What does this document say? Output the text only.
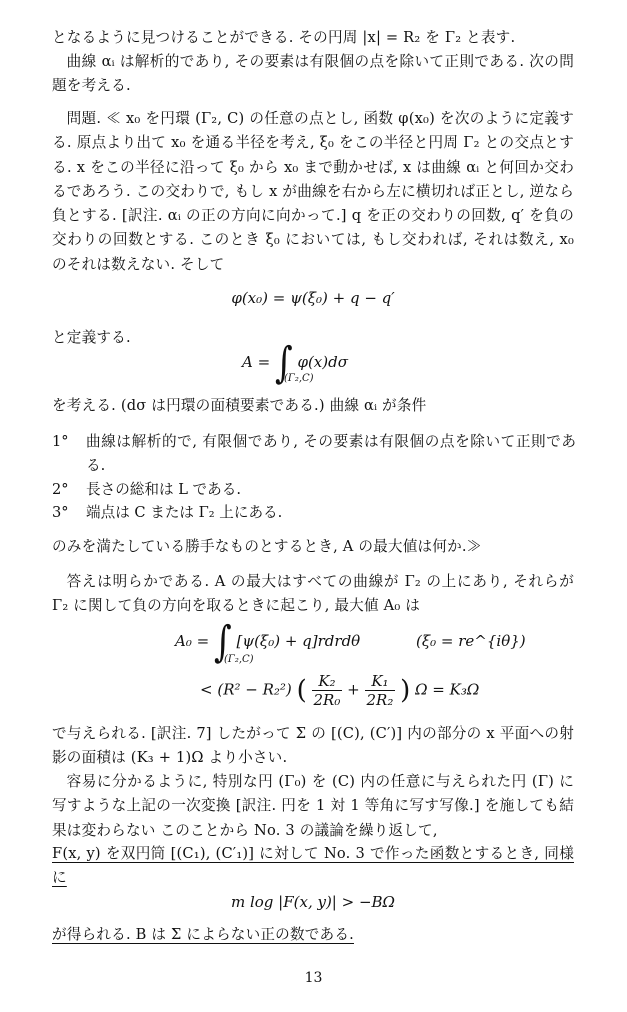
となるように見つけることができる. その円周 |x| = R₂ を Γ₂ と表す.
曲線 αᵢ は解析的であり, その要素は有限個の点を除いて正則である. 次の問題を考える.
問題. ≪ x₀ を円環 (Γ₂, C) の任意の点とし, 函数 φ(x₀) を次のように定義する. 原点より出て x₀ を通る半径を考え, ξ₀ をこの半径と円周 Γ₂ との交点とする. x をこの半径に沿って ξ₀ から x₀ まで動かせば, x は曲線 αᵢ と何回か交わるであろう. この交わりで, もし x が曲線を右から左に横切れば正とし, 逆なら負とする. [訳注. αᵢ の正の方向に向かって.] q を正の交わりの回数, q′ を負の交わりの回数とする. このとき ξ₀ においては, もし交われば, それは数え, x₀ のそれは数えない. そして
φ(x₀) = ψ(ξ₀) + q − q′
と定義する.
A = ∫ φ(x)dσ
(Γ₂,C)
を考える. (dσ は円環の面積要素である.) 曲線 αᵢ が条件
1°	曲線は解析的で, 有限個であり, その要素は有限個の点を除いて正則である.
2°	長さの総和は L である.
3°	端点は C または Γ₂ 上にある.
のみを満たしている勝手なものとするとき, A の最大値は何か.≫
答えは明らかである. A の最大はすべての曲線が Γ₂ の上にあり, それらが Γ₂ に関して負の方向を取るときに起こり, 最大値 A₀ は
A₀ = ∫ [ψ(ξ₀) + q]rdrdθ
(Γ₂,C)
(ξ₀ = re^{iθ})
< (R² − R₂²) ( $\frac{\text{K₂}}{\text{2R₀}} + \frac{\text{K₁}}{\text{2R₂}}$ ) Ω = K₃Ω
で与えられる. [訳注. 7] したがって Σ の [(C), (C′)] 内の部分の x 平面への射影の面積は (K₃ + 1)Ω より小さい.
容易に分かるように, 特別な円 (Γ₀) を (C) 内の任意に与えられた円 (Γ) に写すような上記の一次変換 [訳注. 円を 1 対 1 等角に写す写像.] を施しても結果は変わらない このことから No. 3 の議論を繰り返して,
F(x, y) を双円筒 [(C₁), (C′₁)] に対して No. 3 で作った函数とするとき, 同様に
m log |F(x, y)| > −BΩ
が得られる. B は Σ によらない正の数である.
13
